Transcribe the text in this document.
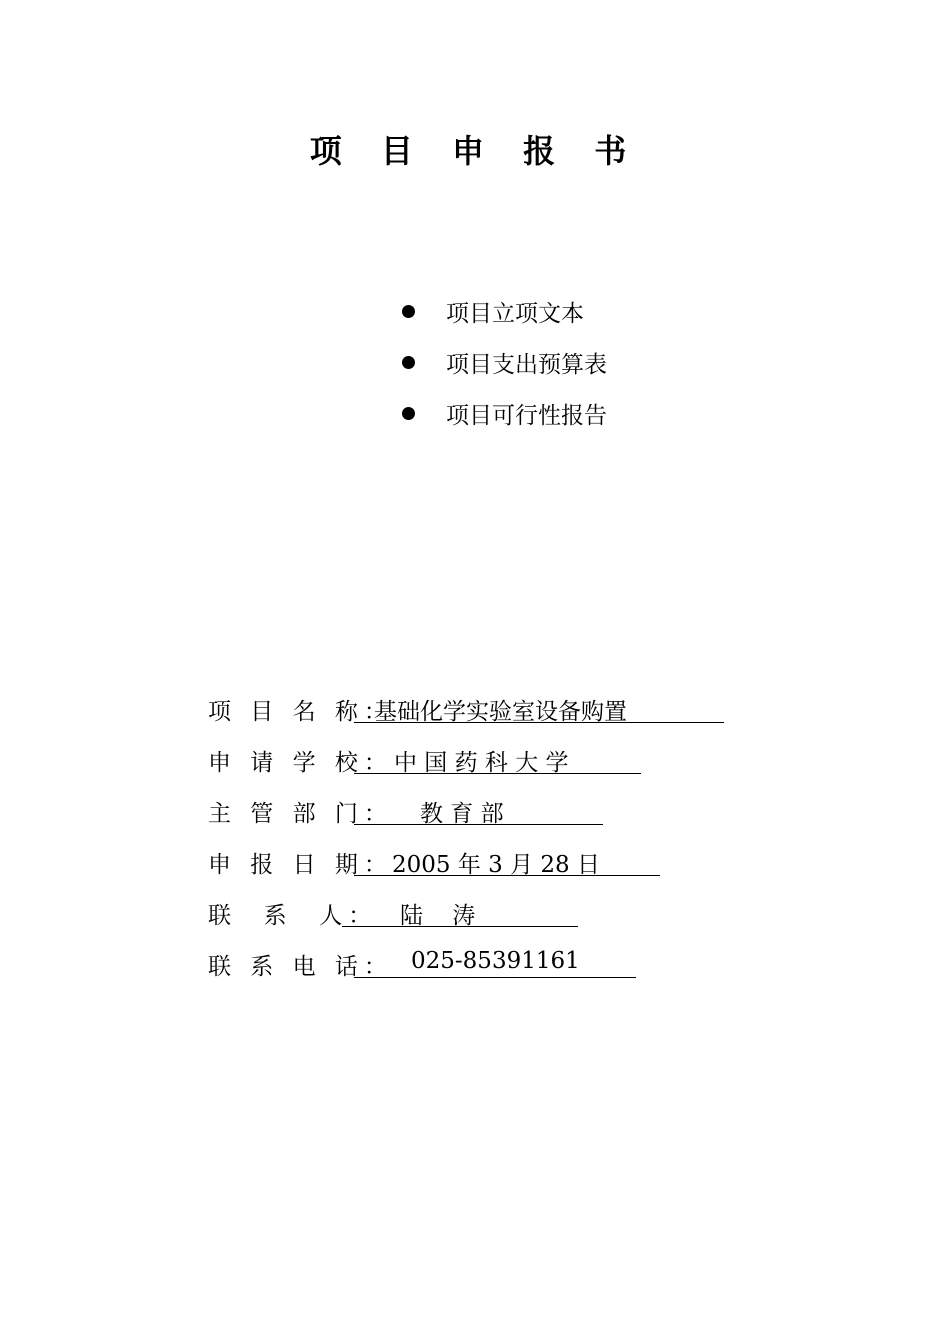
项 目 申 报 书
项目立项文本
项目支出预算表
项目可行性报告
项 目 名 称：
基础化学实验室设备购置
申 请 学 校： 中 国 药 科 大 学
主 管 部 门： 教 育 部
申 报 日 期： 2005 年 3 月 28 日
联  系  人： 陆    涛
联 系 电 话： 025-85391161
